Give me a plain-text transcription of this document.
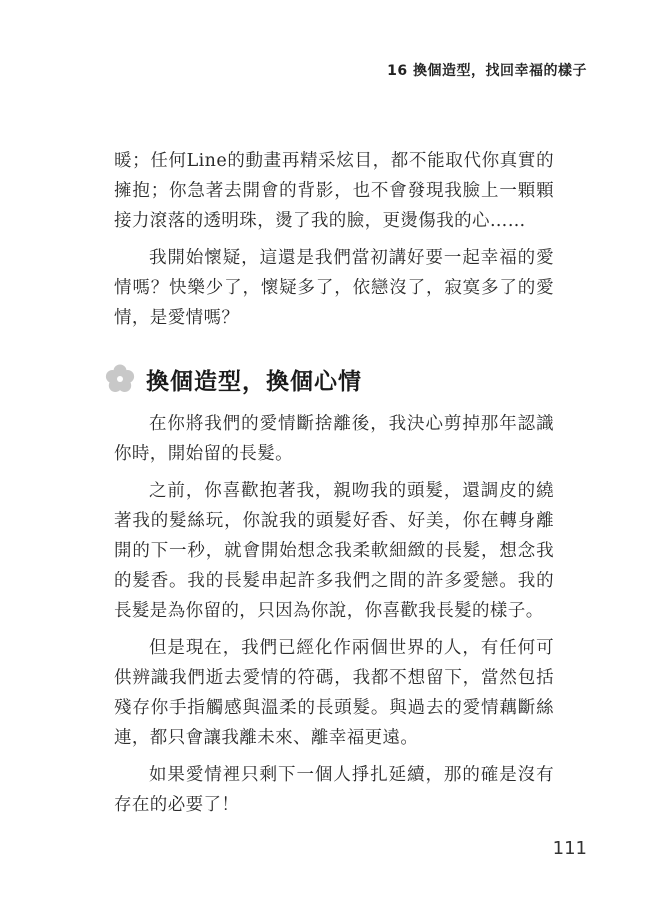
16 換個造型，找回幸福的樣子

暖；任何Line的動畫再精采炫目，都不能取代你真實的擁抱；你急著去開會的背影，也不會發現我臉上一顆顆接力滾落的透明珠，燙了我的臉，更燙傷我的心……

我開始懷疑，這還是我們當初講好要一起幸福的愛情嗎？快樂少了，懷疑多了，依戀沒了，寂寞多了的愛情，是愛情嗎？

換個造型，換個心情

在你將我們的愛情斷捨離後，我決心剪掉那年認識你時，開始留的長髮。

之前，你喜歡抱著我，親吻我的頭髮，還調皮的繞著我的髮絲玩，你說我的頭髮好香、好美，你在轉身離開的下一秒，就會開始想念我柔軟細緻的長髮，想念我的髮香。我的長髮串起許多我們之間的許多愛戀。我的長髮是為你留的，只因為你說，你喜歡我長髮的樣子。

但是現在，我們已經化作兩個世界的人，有任何可供辨識我們逝去愛情的符碼，我都不想留下，當然包括殘存你手指觸感與溫柔的長頭髮。與過去的愛情藕斷絲連，都只會讓我離未來、離幸福更遠。

如果愛情裡只剩下一個人掙扎延續，那的確是沒有存在的必要了！

111
